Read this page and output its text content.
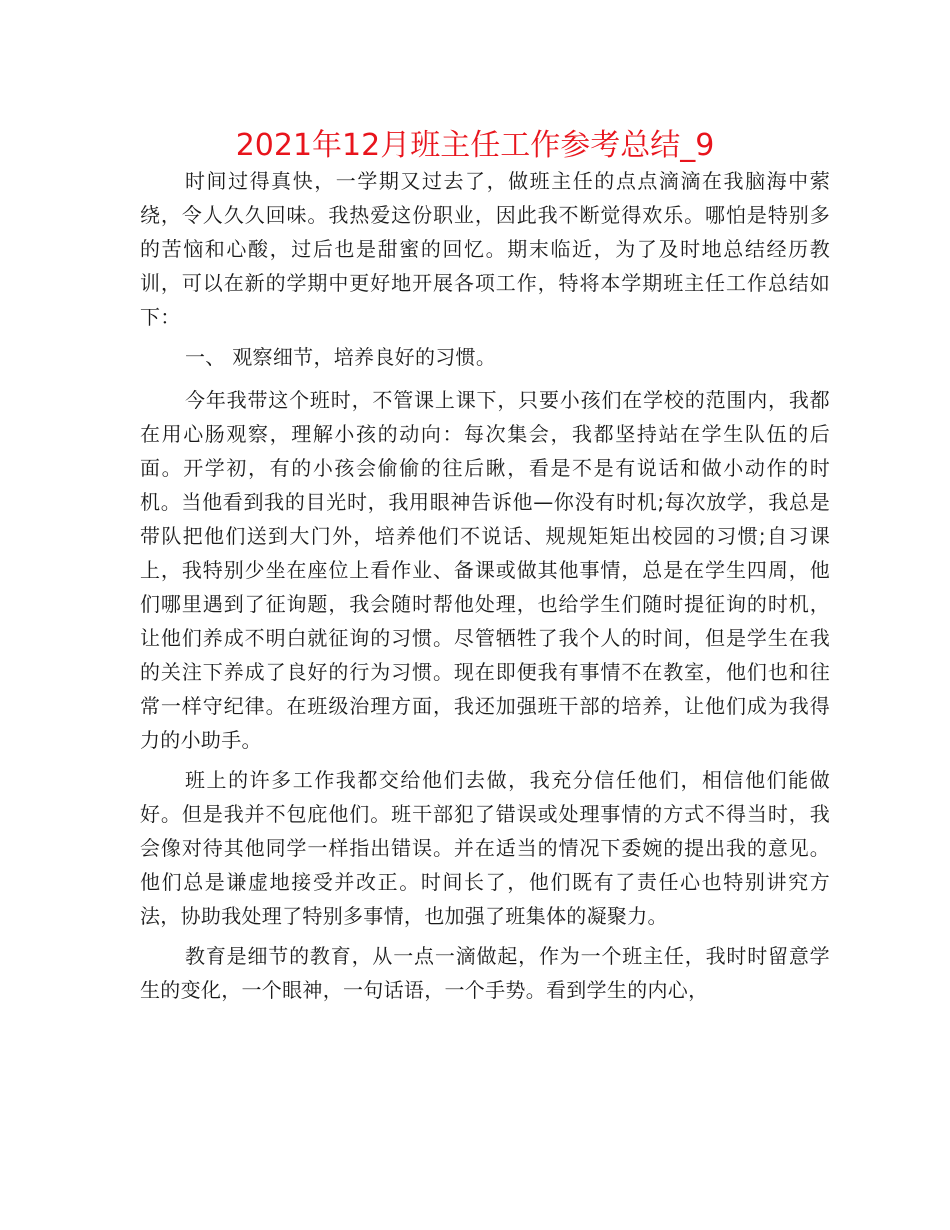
2021年12月班主任工作参考总结_9

时间过得真快，一学期又过去了，做班主任的点点滴滴在我脑海中萦绕，令人久久回味。我热爱这份职业，因此我不断觉得欢乐。哪怕是特别多的苦恼和心酸，过后也是甜蜜的回忆。期末临近，为了及时地总结经历教训，可以在新的学期中更好地开展各项工作，特将本学期班主任工作总结如下：

一、 观察细节，培养良好的习惯。

今年我带这个班时，不管课上课下，只要小孩们在学校的范围内，我都在用心肠观察，理解小孩的动向：每次集会，我都坚持站在学生队伍的后面。开学初，有的小孩会偷偷的往后瞅，看是不是有说话和做小动作的时机。当他看到我的目光时，我用眼神告诉他—你没有时机;每次放学，我总是带队把他们送到大门外，培养他们不说话、规规矩矩出校园的习惯;自习课上，我特别少坐在座位上看作业、备课或做其他事情，总是在学生四周，他们哪里遇到了征询题，我会随时帮他处理，也给学生们随时提征询的时机，让他们养成不明白就征询的习惯。尽管牺牲了我个人的时间，但是学生在我的关注下养成了良好的行为习惯。现在即便我有事情不在教室，他们也和往常一样守纪律。在班级治理方面，我还加强班干部的培养，让他们成为我得力的小助手。

班上的许多工作我都交给他们去做，我充分信任他们，相信他们能做好。但是我并不包庇他们。班干部犯了错误或处理事情的方式不得当时，我会像对待其他同学一样指出错误。并在适当的情况下委婉的提出我的意见。他们总是谦虚地接受并改正。时间长了，他们既有了责任心也特别讲究方法，协助我处理了特别多事情，也加强了班集体的凝聚力。

教育是细节的教育，从一点一滴做起，作为一个班主任，我时时留意学生的变化，一个眼神，一句话语，一个手势。看到学生的内心，
